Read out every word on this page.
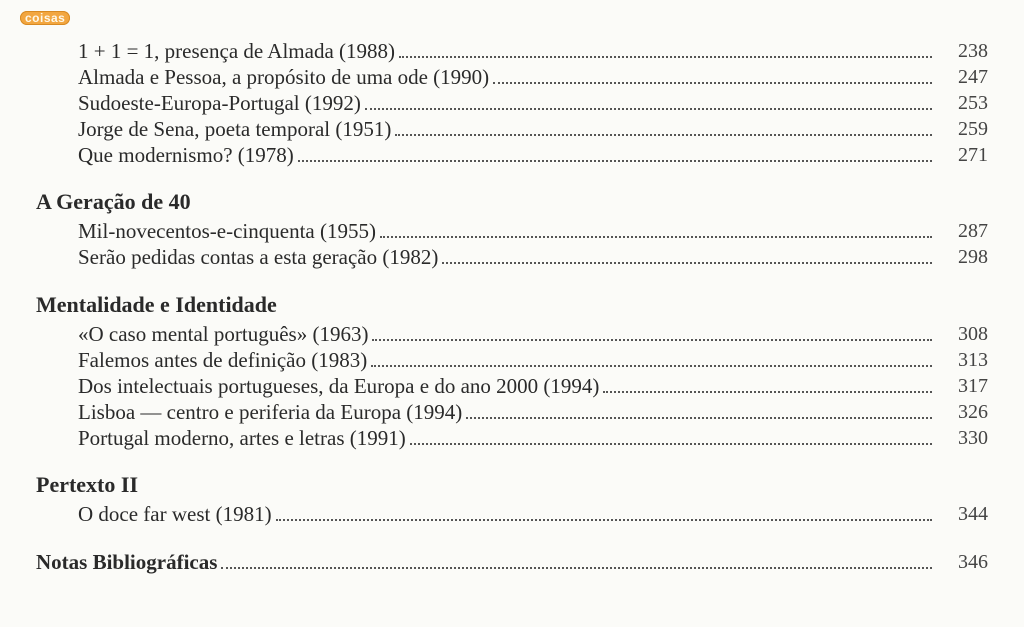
coisas
1 + 1 = 1, presença de Almada (1988)	238
Almada e Pessoa, a propósito de uma ode (1990)	247
Sudoeste-Europa-Portugal (1992)	253
Jorge de Sena, poeta temporal (1951)	259
Que modernismo? (1978)	271
A Geração de 40
Mil-novecentos-e-cinquenta (1955)	287
Serão pedidas contas a esta geração (1982)	298
Mentalidade e Identidade
«O caso mental português» (1963)	308
Falemos antes de definição (1983)	313
Dos intelectuais portugueses, da Europa e do ano 2000 (1994)	317
Lisboa — centro e periferia da Europa (1994)	326
Portugal moderno, artes e letras (1991)	330
Pertexto II
O doce far west (1981)	344
Notas Bibliográficas	346
